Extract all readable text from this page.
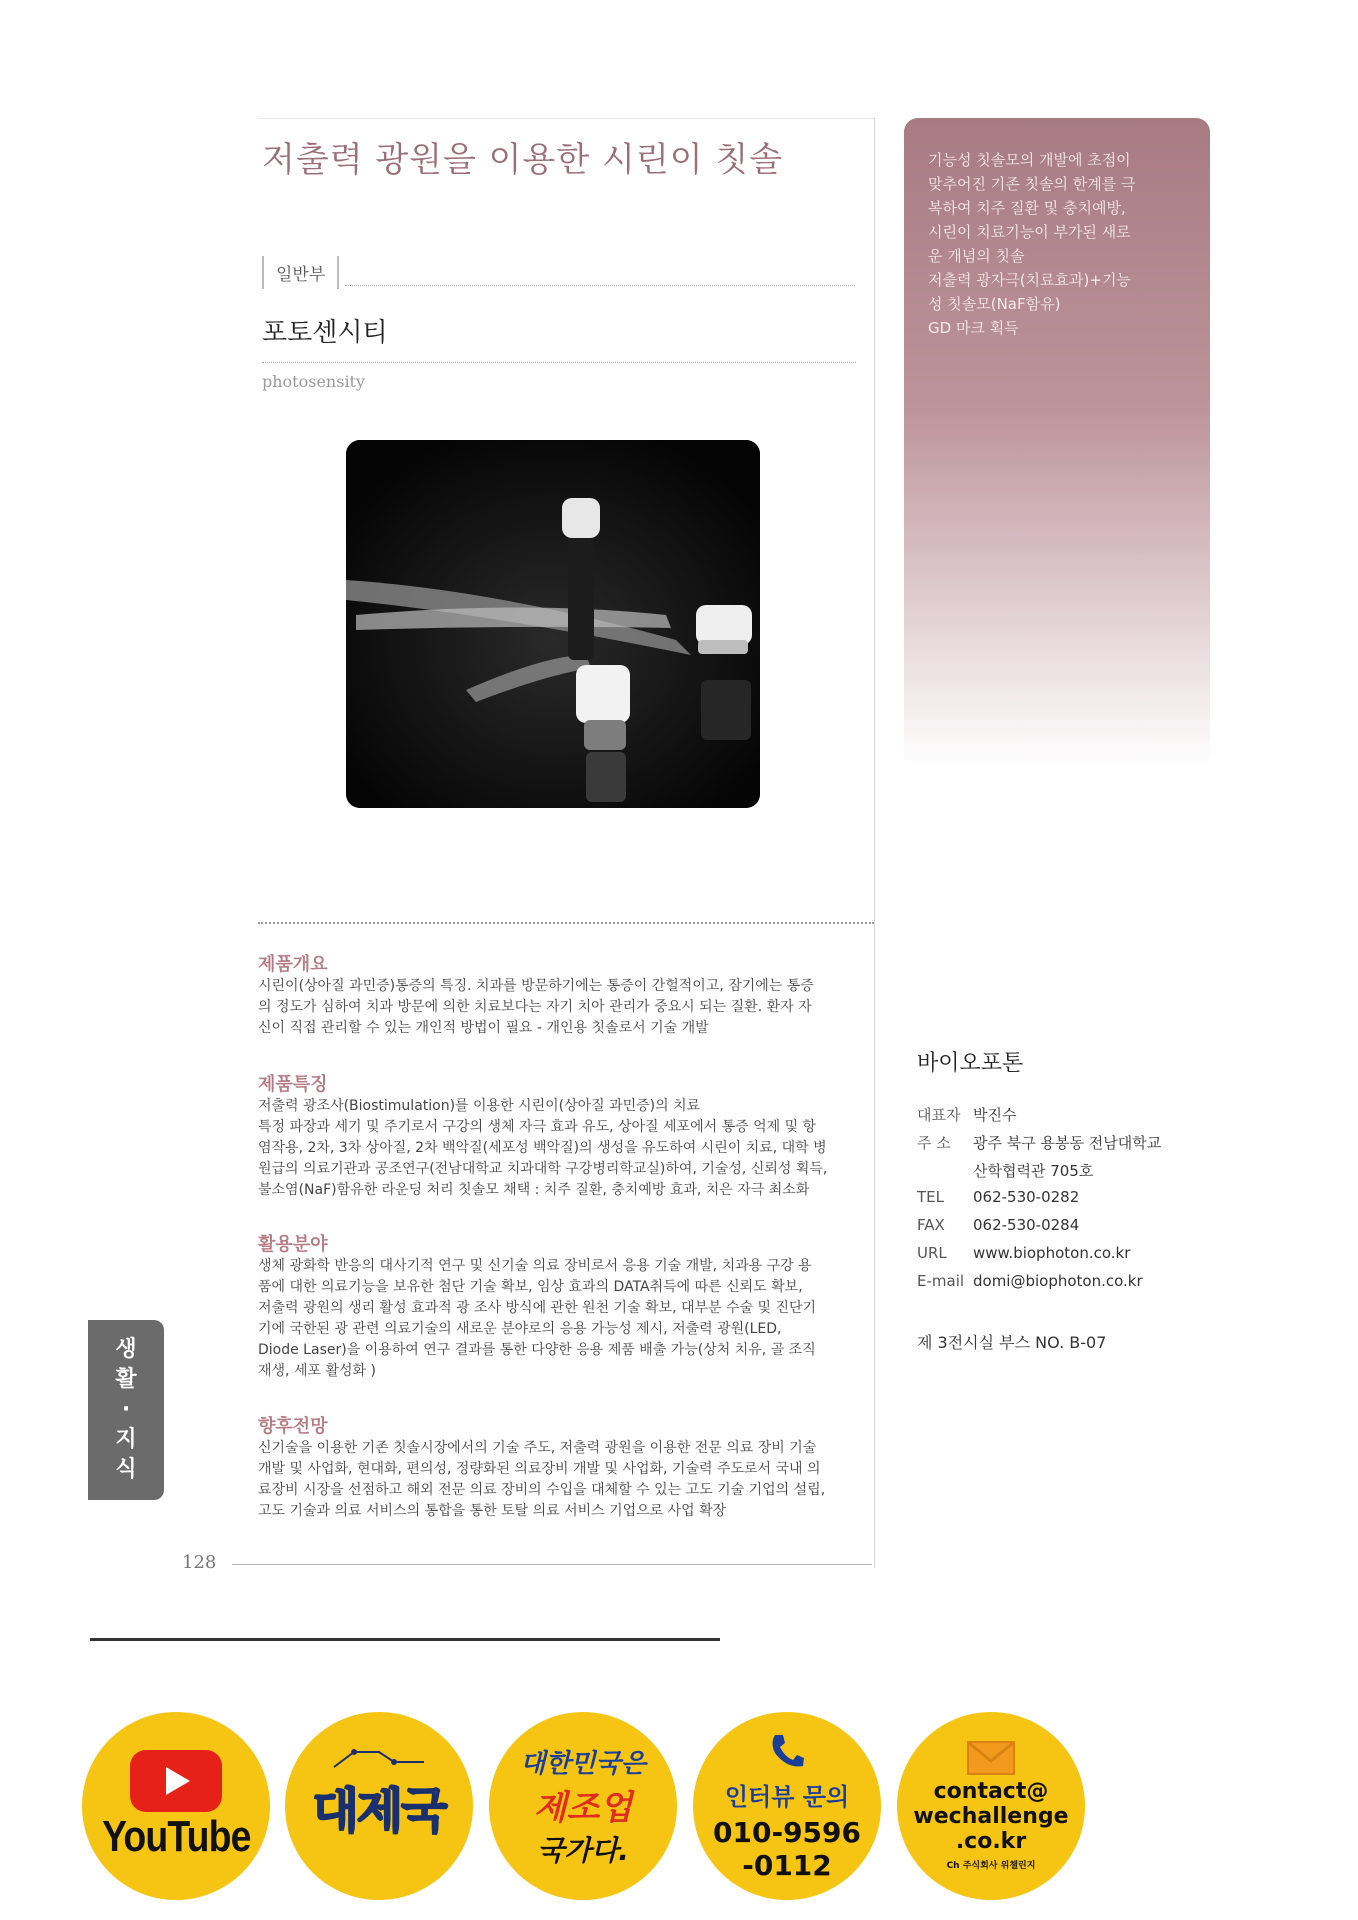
저출력 광원을 이용한 시린이 칫솔
일반부
포토센시티
photosensity
제품개요
시린이(상아질 과민증)통증의 특징. 치과를 방문하기에는 통증이 간헐적이고, 잠기에는 통증
의 정도가 심하여 치과 방문에 의한 치료보다는 자기 치아 관리가 중요시 되는 질환. 환자 자
신이 직접 관리할 수 있는 개인적 방법이 필요 - 개인용 칫솔로서 기술 개발
제품특징
저출력 광조사(Biostimulation)를 이용한 시린이(상아질 과민증)의 치료
특정 파장과 세기 및 주기로서 구강의 생체 자극 효과 유도, 상아질 세포에서 통증 억제 및 항
염작용, 2차, 3차 상아질, 2차 백악질(세포성 백악질)의 생성을 유도하여 시린이 치료, 대학 병
원급의 의료기관과 공조연구(전남대학교 치과대학 구강병리학교실)하여, 기술성, 신뢰성 획득,
불소염(NaF)함유한 라운딩 처리 칫솔모 채택 : 치주 질환, 충치예방 효과, 치은 자극 최소화
활용분야
생체 광화학 반응의 대사기적 연구 및 신기술 의료 장비로서 응용 기술 개발, 치과용 구강 용
품에 대한 의료기능을 보유한 첨단 기술 확보, 임상 효과의 DATA취득에 따른 신뢰도 확보,
저출력 광원의 생리 활성 효과적 광 조사 방식에 관한 원천 기술 확보, 대부분 수술 및 진단기
기에 국한된 광 관련 의료기술의 새로운 분야로의 응용 가능성 제시, 저출력 광원(LED,
Diode Laser)을 이용하여 연구 결과를 통한 다양한 응용 제품 배출 가능(상처 치유, 골 조직
재생, 세포 활성화 )
향후전망
신기술을 이용한 기존 칫솔시장에서의 기술 주도, 저출력 광원을 이용한 전문 의료 장비 기술
개발 및 사업화, 현대화, 편의성, 정량화된 의료장비 개발 및 사업화, 기술력 주도로서 국내 의
료장비 시장을 선점하고 해외 전문 의료 장비의 수입을 대체할 수 있는 고도 기술 기업의 설립,
고도 기술과 의료 서비스의 통합을 통한 토탈 의료 서비스 기업으로 사업 확장
기능성 칫솔모의 개발에 초점이
맞추어진 기존 칫솔의 한계를 극
복하여 치주 질환 및 충치예방,
시린이 치료기능이 부가된 새로
운 개념의 칫솔
저출력 광자극(치료효과)+기능
성 칫솔모(NaF함유)
GD 마크 획득
바이오포톤
대표자 박진수
주 소 광주 북구 용봉동 전남대학교
산학협력관 705호
TEL 062-530-0282
FAX 062-530-0284
URL www.biophoton.co.kr
E-mail domi@biophoton.co.kr
제 3전시실 부스 NO. B-07
생
활
·
지
식
128
YouTube 대제국
대한민국은
제조업
국가다.
인터뷰 문의
010-9596
-0112
contact@
wechallenge
.co.kr
Ch 주식회사 위챌린지
